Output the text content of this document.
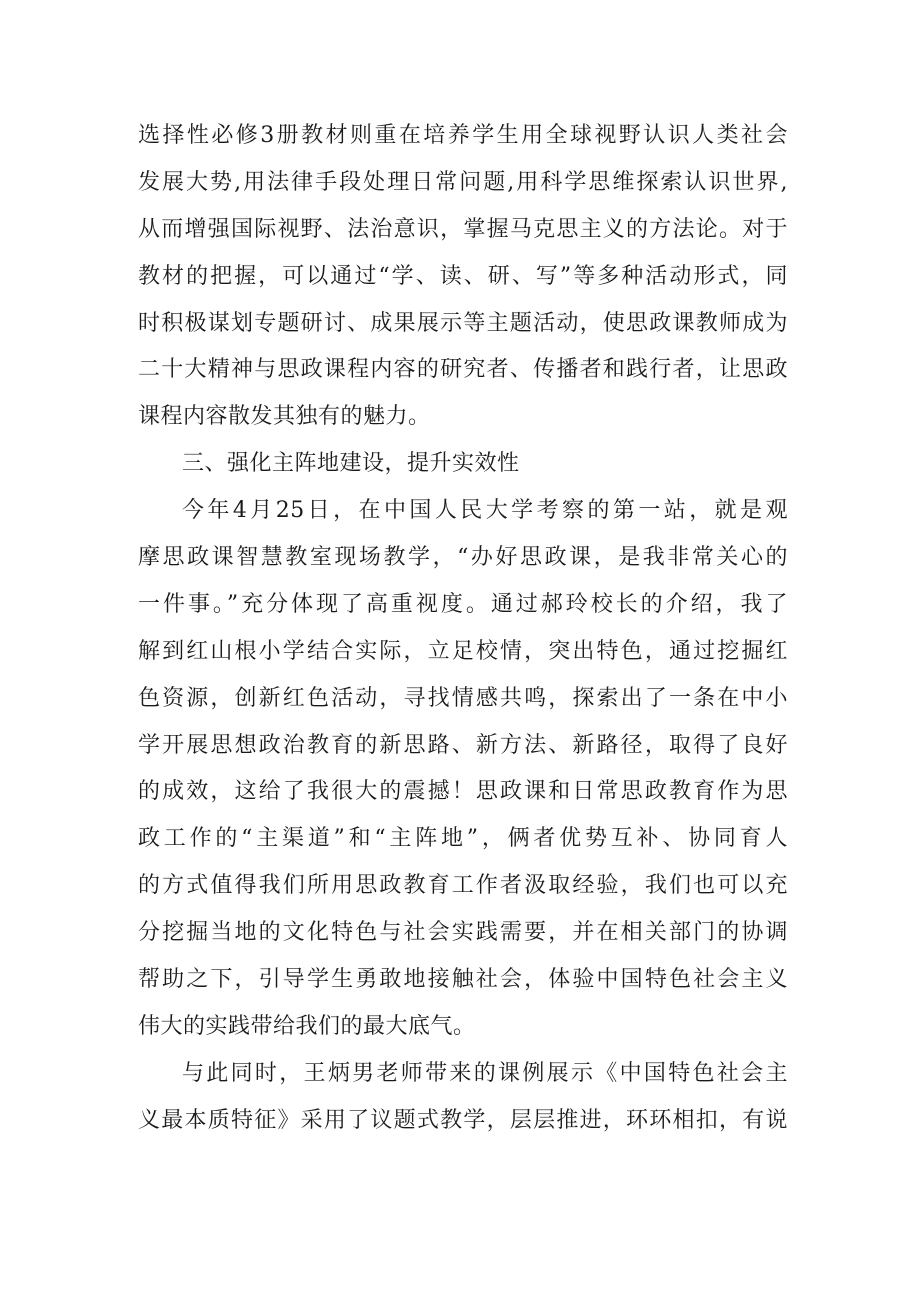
选择性必修3册教材则重在培养学生用全球视野认识人类社会
发展大势,用法律手段处理日常问题,用科学思维探索认识世界,
从而增强国际视野、法治意识，掌握马克思主义的方法论。对于
教材的把握，可以通过“学、读、研、写”等多种活动形式，同
时积极谋划专题研讨、成果展示等主题活动，使思政课教师成为
二十大精神与思政课程内容的研究者、传播者和践行者，让思政
课程内容散发其独有的魅力。
三、强化主阵地建设，提升实效性
今年4月25日，在中国人民大学考察的第一站，就是观
摩思政课智慧教室现场教学，“办好思政课，是我非常关心的
一件事。”充分体现了高重视度。通过郝玲校长的介绍，我了
解到红山根小学结合实际，立足校情，突出特色，通过挖掘红
色资源，创新红色活动，寻找情感共鸣，探索出了一条在中小
学开展思想政治教育的新思路、新方法、新路径，取得了良好
的成效，这给了我很大的震撼！思政课和日常思政教育作为思
政工作的“主渠道”和“主阵地”，俩者优势互补、协同育人
的方式值得我们所用思政教育工作者汲取经验，我们也可以充
分挖掘当地的文化特色与社会实践需要，并在相关部门的协调
帮助之下，引导学生勇敢地接触社会，体验中国特色社会主义
伟大的实践带给我们的最大底气。
与此同时，王炳男老师带来的课例展示《中国特色社会主
义最本质特征》采用了议题式教学，层层推进，环环相扣，有说
